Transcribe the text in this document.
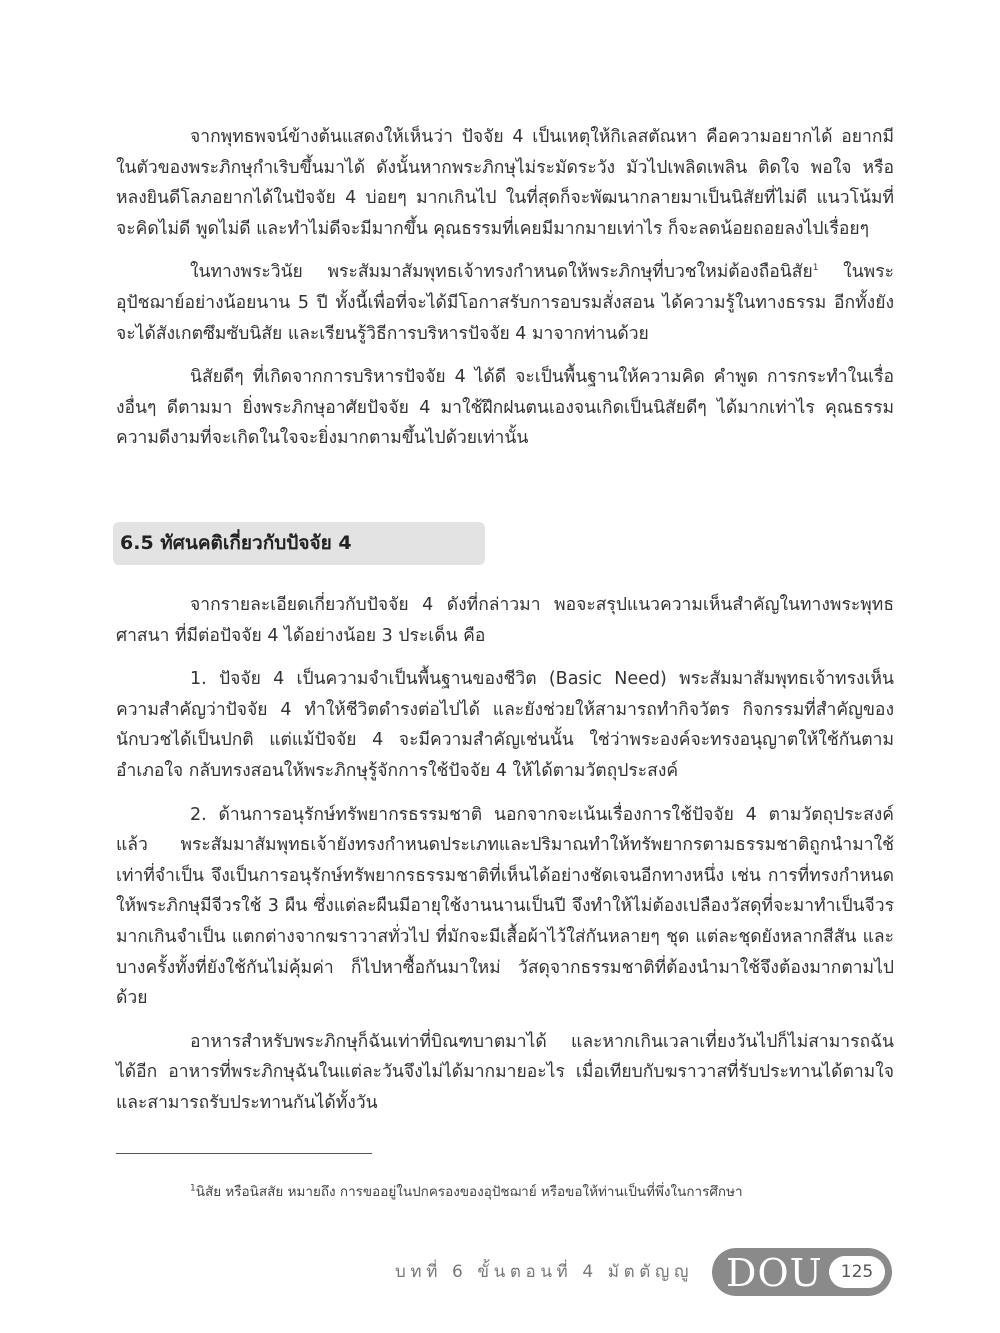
จากพุทธพจน์ข้างต้นแสดงให้เห็นว่า ปัจจัย 4 เป็นเหตุให้กิเลสตัณหา คือความอยากได้ อยากมีในตัวของพระภิกษุกำเริบขึ้นมาได้ ดังนั้นหากพระภิกษุไม่ระมัดระวัง มัวไปเพลิดเพลิน ติดใจ พอใจ หรือหลงยินดีโลภอยากได้ในปัจจัย 4 บ่อยๆ มากเกินไป ในที่สุดก็จะพัฒนากลายมาเป็นนิสัยที่ไม่ดี แนวโน้มที่จะคิดไม่ดี พูดไม่ดี และทำไม่ดีจะมีมากขึ้น คุณธรรมที่เคยมีมากมายเท่าไร ก็จะลดน้อยถอยลงไปเรื่อยๆ

ในทางพระวินัย พระสัมมาสัมพุทธเจ้าทรงกำหนดให้พระภิกษุที่บวชใหม่ต้องถือนิสัย$^1$ ในพระอุปัชฌาย์อย่างน้อยนาน 5 ปี ทั้งนี้เพื่อที่จะได้มีโอกาสรับการอบรมสั่งสอน ได้ความรู้ในทางธรรม อีกทั้งยังจะได้สังเกตซึมซับนิสัย และเรียนรู้วิธีการบริหารปัจจัย 4 มาจากท่านด้วย

นิสัยดีๆ ที่เกิดจากการบริหารปัจจัย 4 ได้ดี จะเป็นพื้นฐานให้ความคิด คำพูด การกระทำในเรื่องอื่นๆ ดีตามมา ยิ่งพระภิกษุอาศัยปัจจัย 4 มาใช้ฝึกฝนตนเองจนเกิดเป็นนิสัยดีๆ ได้มากเท่าไร คุณธรรมความดีงามที่จะเกิดในใจจะยิ่งมากตามขึ้นไปด้วยเท่านั้น

6.5 ทัศนคติเกี่ยวกับปัจจัย 4

จากรายละเอียดเกี่ยวกับปัจจัย 4 ดังที่กล่าวมา พอจะสรุปแนวความเห็นสำคัญในทางพระพุทธศาสนา ที่มีต่อปัจจัย 4 ได้อย่างน้อย 3 ประเด็น คือ

1. ปัจจัย 4 เป็นความจำเป็นพื้นฐานของชีวิต (Basic Need) พระสัมมาสัมพุทธเจ้าทรงเห็นความสำคัญว่าปัจจัย 4 ทำให้ชีวิตดำรงต่อไปได้ และยังช่วยให้สามารถทำกิจวัตร กิจกรรมที่สำคัญของนักบวชได้เป็นปกติ แต่แม้ปัจจัย 4 จะมีความสำคัญเช่นนั้น ใช่ว่าพระองค์จะทรงอนุญาตให้ใช้กันตามอำเภอใจ กลับทรงสอนให้พระภิกษุรู้จักการใช้ปัจจัย 4 ให้ได้ตามวัตถุประสงค์

2. ด้านการอนุรักษ์ทรัพยากรธรรมชาติ นอกจากจะเน้นเรื่องการใช้ปัจจัย 4 ตามวัตถุประสงค์แล้ว พระสัมมาสัมพุทธเจ้ายังทรงกำหนดประเภทและปริมาณทำให้ทรัพยากรตามธรรมชาติถูกนำมาใช้เท่าที่จำเป็น จึงเป็นการอนุรักษ์ทรัพยากรธรรมชาติที่เห็นได้อย่างชัดเจนอีกทางหนึ่ง เช่น การที่ทรงกำหนดให้พระภิกษุมีจีวรใช้ 3 ผืน ซึ่งแต่ละผืนมีอายุใช้งานนานเป็นปี จึงทำให้ไม่ต้องเปลืองวัสดุที่จะมาทำเป็นจีวรมากเกินจำเป็น แตกต่างจากฆราวาสทั่วไป ที่มักจะมีเสื้อผ้าไว้ใส่กันหลายๆ ชุด แต่ละชุดยังหลากสีสัน และบางครั้งทั้งที่ยังใช้กันไม่คุ้มค่า ก็ไปหาซื้อกันมาใหม่ วัสดุจากธรรมชาติที่ต้องนำมาใช้จึงต้องมากตามไปด้วย

อาหารสำหรับพระภิกษุก็ฉันเท่าที่บิณฑบาตมาได้ และหากเกินเวลาเที่ยงวันไปก็ไม่สามารถฉันได้อีก อาหารที่พระภิกษุฉันในแต่ละวันจึงไม่ได้มากมายอะไร เมื่อเทียบกับฆราวาสที่รับประทานได้ตามใจ และสามารถรับประทานกันได้ทั้งวัน

$^1$นิสัย หรือนิสสัย หมายถึง การขออยู่ในปกครองของอุปัชฌาย์ หรือขอให้ท่านเป็นที่พึ่งในการศึกษา
บทที่ 6 ขั้นตอนที่ 4 มัตตัญญู DOU	125
